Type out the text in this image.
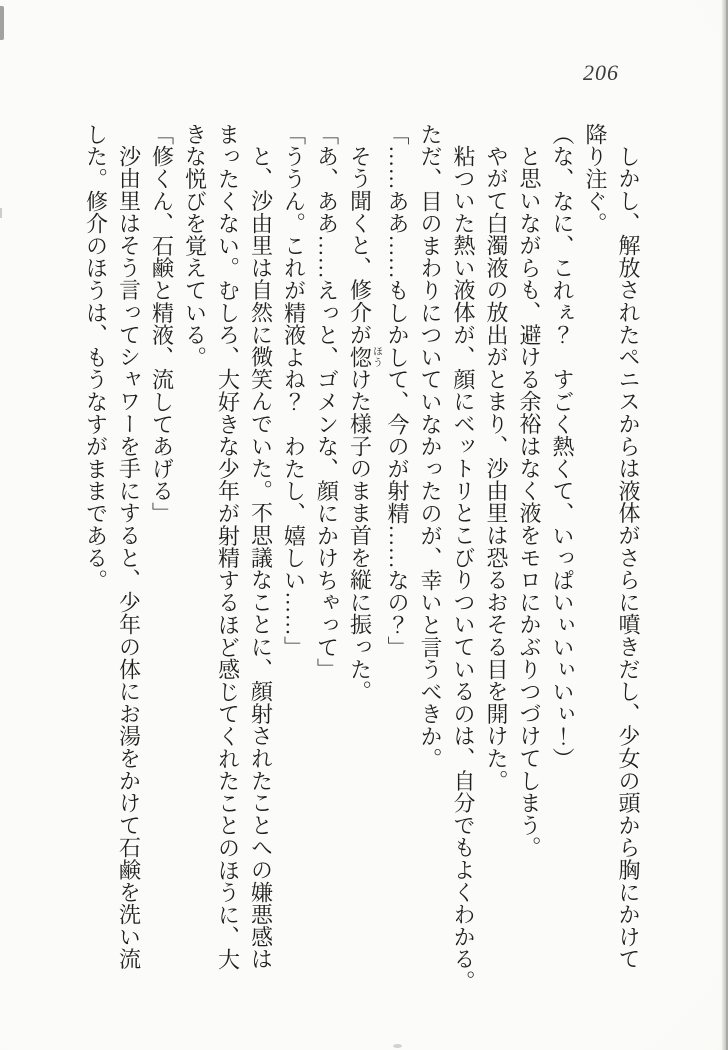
206
しかし、解放されたペニスからは液体がさらに噴きだし、少女の頭から胸にかけて
降り注ぐ。
（な、なに、これぇ？　すごく熱くて、いっぱいぃいぃいぃ！）
と思いながらも、避ける余裕はなく液をモロにかぶりつづけてしまう。
やがて白濁液の放出がとまり、沙由里は恐るおそる目を開けた。
粘ついた熱い液体が、顔にベットリとこびりついているのは、自分でもよくわかる。
ただ、目のまわりについていなかったのが、幸いと言うべきか。
「……ああ……もしかして、今のが射精……なの？」
そう聞くと、修介が惚ほうけた様子のまま首を縦に振った。
「あ、ああ……えっと、ゴメンな、顔にかけちゃって」
「ううん。これが精液よね？　わたし、嬉しい……」
と、沙由里は自然に微笑んでいた。不思議なことに、顔射されたことへの嫌悪感は
まったくない。むしろ、大好きな少年が射精するほど感じてくれたことのほうに、大
きな悦びを覚えている。
「修くん、石鹸と精液、流してあげる」
沙由里はそう言ってシャワーを手にすると、少年の体にお湯をかけて石鹸を洗い流
した。修介のほうは、もうなすがままである。
